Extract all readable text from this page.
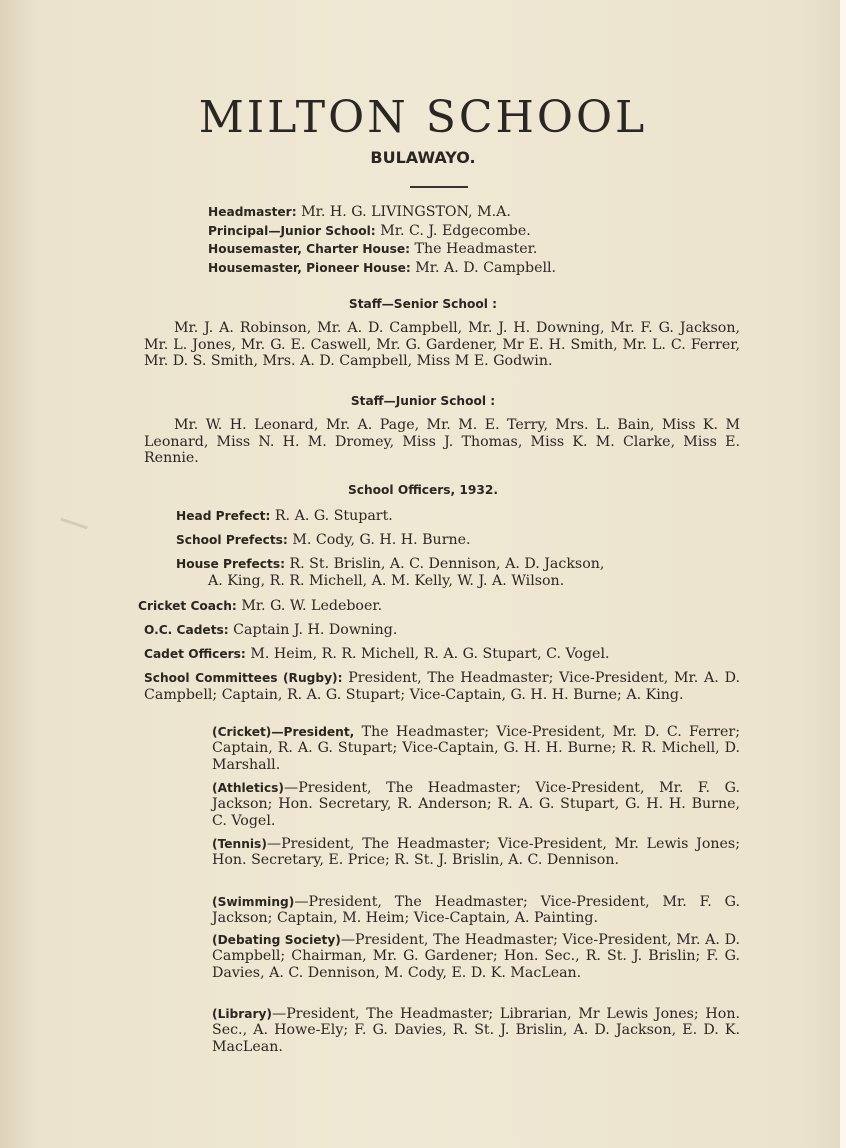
MILTON SCHOOL
BULAWAYO.
Headmaster: Mr. H. G. LIVINGSTON, M.A.
Principal—Junior School: Mr. C. J. Edgecombe.
Housemaster, Charter House: The Headmaster.
Housemaster, Pioneer House: Mr. A. D. Campbell.
Staff—Senior School :
Mr. J. A. Robinson, Mr. A. D. Campbell, Mr. J. H. Downing, Mr. F. G. Jackson, Mr. L. Jones, Mr. G. E. Caswell, Mr. G. Gardener, Mr E. H. Smith, Mr. L. C. Ferrer, Mr. D. S. Smith, Mrs. A. D. Campbell, Miss M E. Godwin.
Staff—Junior School :
Mr. W. H. Leonard, Mr. A. Page, Mr. M. E. Terry, Mrs. L. Bain, Miss K. M Leonard, Miss N. H. M. Dromey, Miss J. Thomas, Miss K. M. Clarke, Miss E. Rennie.
School Officers, 1932.
Head Prefect: R. A. G. Stupart.
School Prefects: M. Cody, G. H. H. Burne.
House Prefects: R. St. Brislin, A. C. Dennison, A. D. Jackson,
A. King, R. R. Michell, A. M. Kelly, W. J. A. Wilson.
Cricket Coach: Mr. G. W. Ledeboer.
O.C. Cadets: Captain J. H. Downing.
Cadet Officers: M. Heim, R. R. Michell, R. A. G. Stupart, C. Vogel.
School Committees (Rugby): President, The Headmaster; Vice-President, Mr. A. D. Campbell; Captain, R. A. G. Stupart; Vice-Captain, G. H. H. Burne; A. King.
(Cricket)—President, The Headmaster; Vice-President, Mr. D. C. Ferrer; Captain, R. A. G. Stupart; Vice-Captain, G. H. H. Burne; R. R. Michell, D. Marshall.
(Athletics)—President, The Headmaster; Vice-President, Mr. F. G. Jackson; Hon. Secretary, R. Anderson; R. A. G. Stupart, G. H. H. Burne, C. Vogel.
(Tennis)—President, The Headmaster; Vice-President, Mr. Lewis Jones; Hon. Secretary, E. Price; R. St. J. Brislin, A. C. Dennison.
(Swimming)—President, The Headmaster; Vice-President, Mr. F. G. Jackson; Captain, M. Heim; Vice-Captain, A. Painting.
(Debating Society)—President, The Headmaster; Vice-President, Mr. A. D. Campbell; Chairman, Mr. G. Gardener; Hon. Sec., R. St. J. Brislin; F. G. Davies, A. C. Dennison, M. Cody, E. D. K. MacLean.
(Library)—President, The Headmaster; Librarian, Mr Lewis Jones; Hon. Sec., A. Howe-Ely; F. G. Davies, R. St. J. Brislin, A. D. Jackson, E. D. K. MacLean.
